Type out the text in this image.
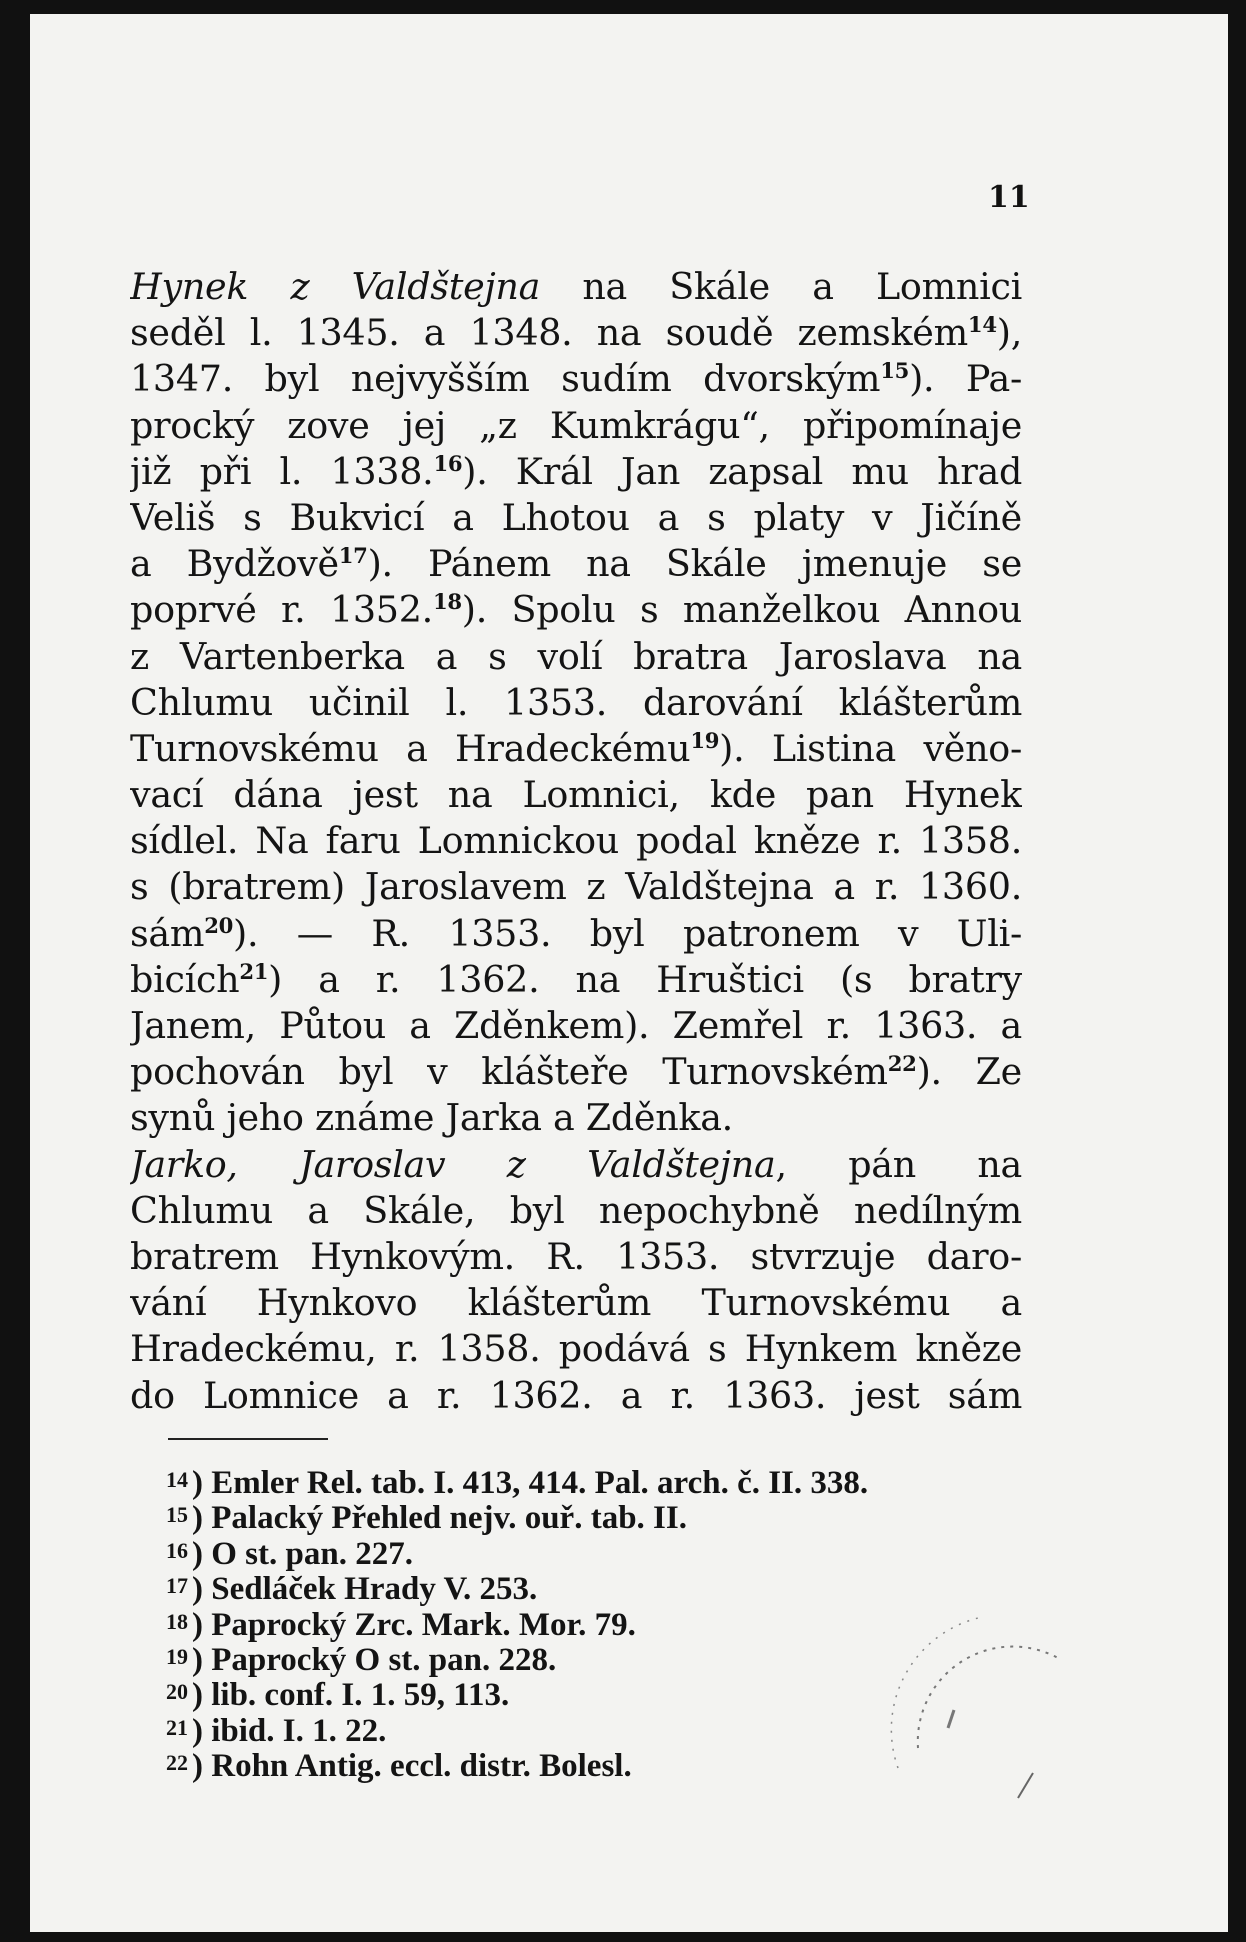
11
Hynek z Valdštejna na Skále a Lomnici
seděl l. 1345. a 1348. na soudě zemském$^{14}$),
1347. byl nejvyšším sudím dvorským$^{15}$). Pa-
procký zove jej „z Kumkrágu“, připomínaje
již při l. 1338.16). Král Jan zapsal mu hrad
Veliš s Bukvicí a Lhotou a s platy v Jičíně
a Bydžově$^{17}$). Pánem na Skále jmenuje se
poprvé r. 1352.18). Spolu s manželkou Annou
z Vartenberka a s volí bratra Jaroslava na
Chlumu učinil l. 1353. darování klášterům
Turnovskému a Hradeckému$^{19}$). Listina věno-
vací dána jest na Lomnici, kde pan Hynek
sídlel. Na faru Lomnickou podal kněze r. 1358.
s (bratrem) Jaroslavem z Valdštejna a r. 1360.
sám$^{20}$). — R. 1353. byl patronem v Uli-
bicích$^{21}$) a r. 1362. na Hruštici (s bratry
Janem, Půtou a Zděnkem). Zemřel r. 1363. a
pochován byl v klášteře Turnovském$^{22}$). Ze
synů jeho známe Jarka a Zděnka.
Jarko, Jaroslav z Valdštejna, pán na
Chlumu a Skále, byl nepochybně nedílným
bratrem Hynkovým. R. 1353. stvrzuje daro-
vání Hynkovo klášterům Turnovskému a
Hradeckému, r. 1358. podává s Hynkem kněze
do Lomnice a r. 1362. a r. 1363. jest sám
14 ) Emler Rel. tab. I. 413, 414. Pal. arch. č. II. 338.
15 ) Palacký Přehled nejv. ouř. tab. II.
16 ) O st. pan. 227.
17 ) Sedláček Hrady V. 253.
18 ) Paprocký Zrc. Mark. Mor. 79.
19 ) Paprocký O st. pan. 228.
20 ) lib. conf. I. 1. 59, 113.
21 ) ibid. I. 1. 22.
22 ) Rohn Antig. eccl. distr. Bolesl.
